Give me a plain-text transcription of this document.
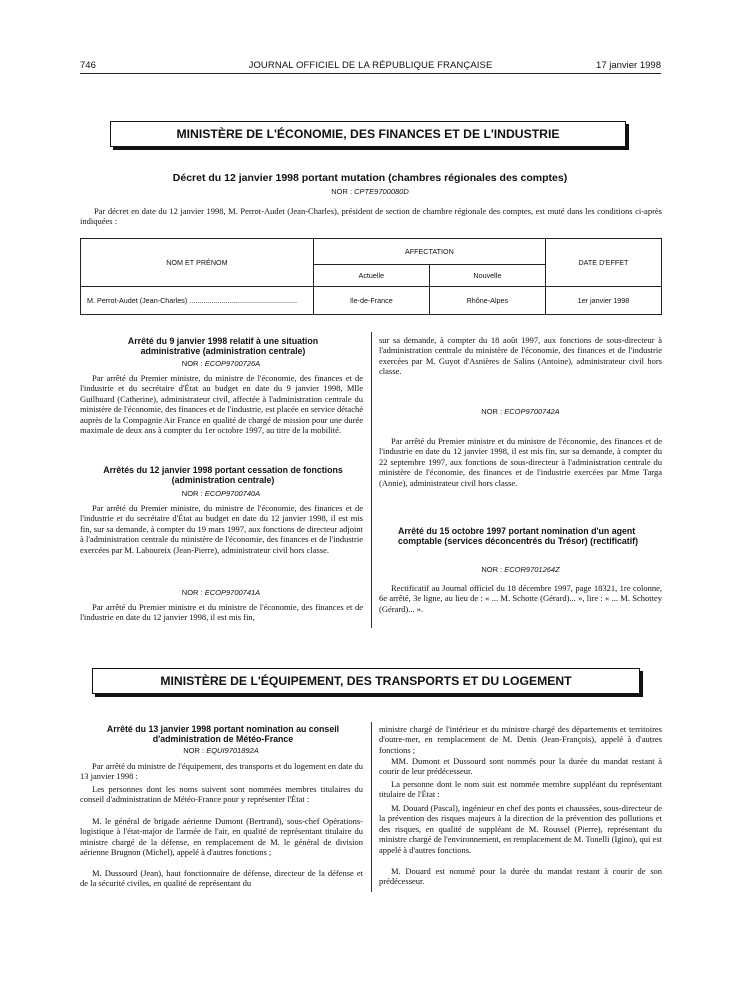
746	JOURNAL OFFICIEL DE LA RÉPUBLIQUE FRANÇAISE	17 janvier 1998
MINISTÈRE DE L'ÉCONOMIE, DES FINANCES ET DE L'INDUSTRIE
Décret du 12 janvier 1998 portant mutation (chambres régionales des comptes)
NOR : CPTE9700080D

Par décret en date du 12 janvier 1998, M. Perrot-Audet (Jean-Charles), président de section de chambre régionale des comptes, est muté dans les conditions ci-après indiquées :

NOM ET PRÉNOM	AFFECTATION		DATE D'EFFET
	Actuelle	Nouvelle	
M. Perrot-Audet (Jean-Charles) ......................................................	Ile-de-France	Rhône-Alpes	1er janvier 1998
Arrêté du 9 janvier 1998 relatif à une situation administrative (administration centrale)
NOR : ECOP9700726A

Par arrêté du Premier ministre, du ministre de l'économie, des finances et de l'industrie et du secrétaire d'État au budget en date du 9 janvier 1998, Mlle Guilhuard (Catherine), administrateur civil, affectée à l'administration centrale du ministère de l'économie, des finances et de l'industrie, est placée en service détaché auprès de la Compagnie Air France en qualité de chargé de mission pour une durée maximale de deux ans à compter du 1er octobre 1997, au titre de la mobilité.

Arrêtés du 12 janvier 1998 portant cessation de fonctions (administration centrale)
NOR : ECOP9700740A

Par arrêté du Premier ministre, du ministre de l'économie, des finances et de l'industrie et du secrétaire d'État au budget en date du 12 janvier 1998, il est mis fin, sur sa demande, à compter du 19 mars 1997, aux fonctions de directeur adjoint à l'administration centrale du ministère de l'économie, des finances et de l'industrie exercées par M. Laboureix (Jean-Pierre), administrateur civil hors classe.

NOR : ECOP9700741A

Par arrêté du Premier ministre et du ministre de l'économie, des finances et de l'industrie en date du 12 janvier 1998, il est mis fin,

sur sa demande, à compter du 18 août 1997, aux fonctions de sous-directeur à l'administration centrale du ministère de l'économie, des finances et de l'industrie exercées par M. Guyot d'Asnières de Salins (Antoine), administrateur civil hors classe.

NOR : ECOP9700742A

Par arrêté du Premier ministre et du ministre de l'économie, des finances et de l'industrie en date du 12 janvier 1998, il est mis fin, sur sa demande, à compter du 22 septembre 1997, aux fonctions de sous-directeur à l'administration centrale du ministère de l'économie, des finances et de l'industrie exercées par Mme Targa (Annie), administrateur civil hors classe.

Arrêté du 15 octobre 1997 portant nomination d'un agent comptable (services déconcentrés du Trésor) (rectificatif)
NOR : ECOR9701264Z

Rectificatif au Journal officiel du 18 décembre 1997, page 18321, 1re colonne, 6e arrêté, 3e ligne, au lieu de : « ... M. Schotte (Gérard)... », lire : « ... M. Schottey (Gérard)... ».

MINISTÈRE DE L'ÉQUIPEMENT, DES TRANSPORTS ET DU LOGEMENT
Arrêté du 13 janvier 1998 portant nomination au conseil d'administration de Météo-France
NOR : EQUI9701892A

Par arrêté du ministre de l'équipement, des transports et du logement en date du 13 janvier 1998 :

Les personnes dont les noms suivent sont nommées membres titulaires du conseil d'administration de Météo-France pour y représenter l'État :

M. le général de brigade aérienne Dumont (Bertrand), sous-chef Opérations-logistique à l'état-major de l'armée de l'air, en qualité de représentant titulaire du ministre chargé de la défense, en remplacement de M. le général de division aérienne Brugnon (Michel), appelé à d'autres fonctions ;

M. Dussourd (Jean), haut fonctionnaire de défense, directeur de la défense et de la sécurité civiles, en qualité de représentant du

ministre chargé de l'intérieur et du ministre chargé des départements et territoires d'outre-mer, en remplacement de M. Denis (Jean-François), appelé à d'autres fonctions ;

MM. Dumont et Dussourd sont nommés pour la durée du mandat restant à courir de leur prédécesseur.

La personne dont le nom suit est nommée membre suppléant du représentant titulaire de l'État :

M. Douard (Pascal), ingénieur en chef des ponts et chaussées, sous-directeur de la prévention des risques majeurs à la direction de la prévention des pollutions et des risques, en qualité de suppléant de M. Roussel (Pierre), représentant du ministre chargé de l'environnement, en remplacement de M. Tonelli (Igino), qui est appelé à d'autres fonctions.

M. Douard est nommé pour la durée du mandat restant à courir de son prédécesseur.
